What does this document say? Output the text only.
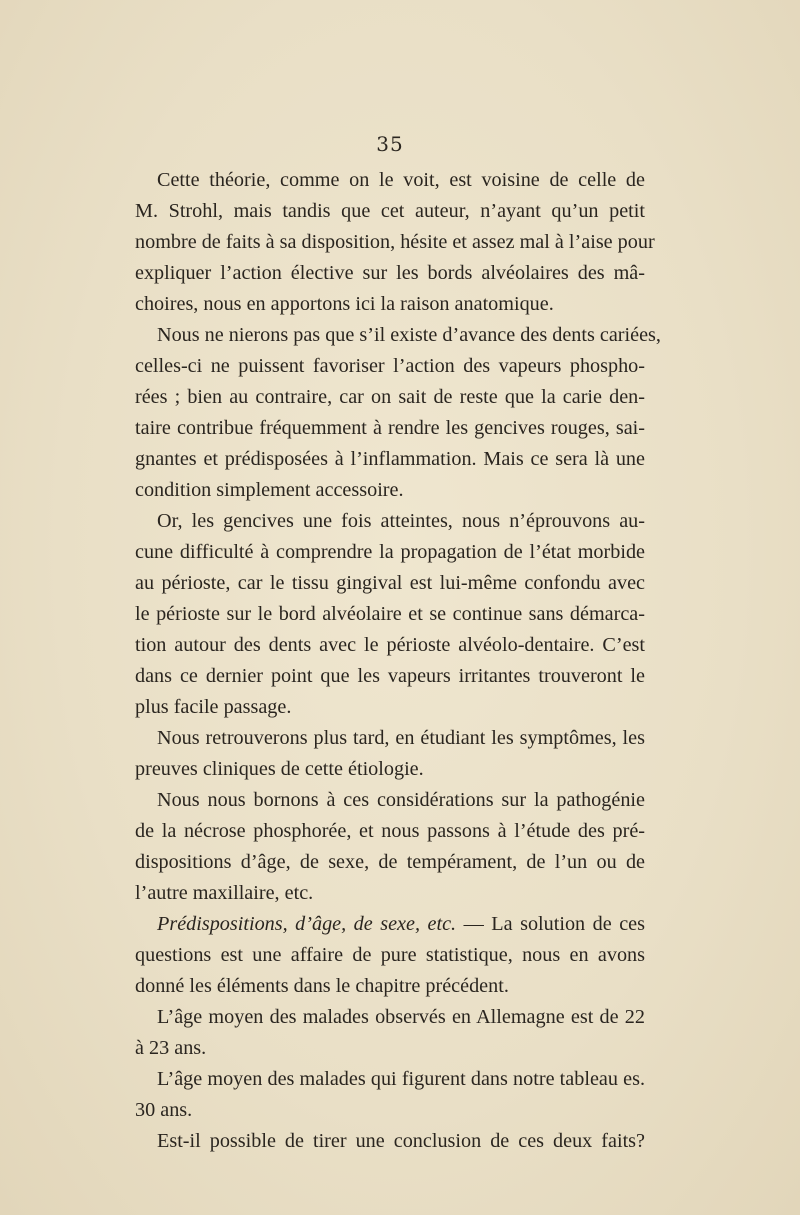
35
Cette théorie, comme on le voit, est voisine de celle de
M. Strohl, mais tandis que cet auteur, n’ayant qu’un petit
nombre de faits à sa disposition, hésite et assez mal à l’aise pour
expliquer l’action élective sur les bords alvéolaires des mâ-
choires, nous en apportons ici la raison anatomique.
Nous ne nierons pas que s’il existe d’avance des dents cariées,
celles-ci ne puissent favoriser l’action des vapeurs phospho-
rées ; bien au contraire, car on sait de reste que la carie den-
taire contribue fréquemment à rendre les gencives rouges, sai-
gnantes et prédisposées à l’inflammation. Mais ce sera là une
condition simplement accessoire.
Or, les gencives une fois atteintes, nous n’éprouvons au-
cune difficulté à comprendre la propagation de l’état morbide
au périoste, car le tissu gingival est lui-même confondu avec
le périoste sur le bord alvéolaire et se continue sans démarca-
tion autour des dents avec le périoste alvéolo-dentaire. C’est
dans ce dernier point que les vapeurs irritantes trouveront le
plus facile passage.
Nous retrouverons plus tard, en étudiant les symptômes, les
preuves cliniques de cette étiologie.
Nous nous bornons à ces considérations sur la pathogénie
de la nécrose phosphorée, et nous passons à l’étude des pré-
dispositions d’âge, de sexe, de tempérament, de l’un ou de
l’autre maxillaire, etc.
Prédispositions, d’âge, de sexe, etc. — La solution de ces
questions est une affaire de pure statistique, nous en avons
donné les éléments dans le chapitre précédent.
L’âge moyen des malades observés en Allemagne est de 22
à 23 ans.
L’âge moyen des malades qui figurent dans notre tableau es.
30 ans.
Est-il possible de tirer une conclusion de ces deux faits?
